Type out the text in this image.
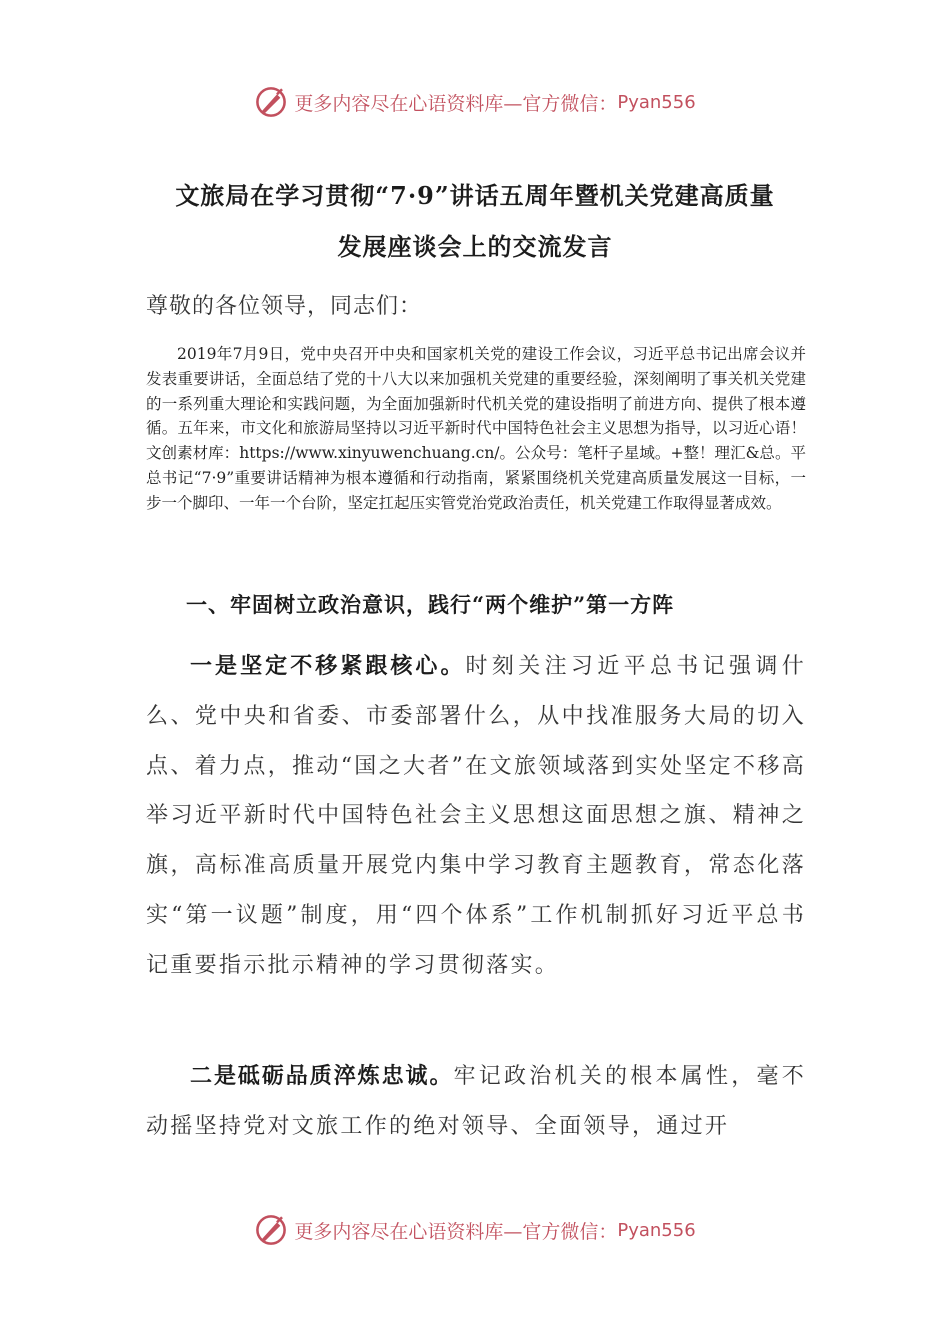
更多内容尽在心语资料库 —官方微信： Pyan556
文旅局在学习贯彻“7·9”讲话五周年暨机关党建高质量
发展座谈会上的交流发言
尊敬的各位领导，同志们：
2019年7月9日，党中央召开中央和国家机关党的建设工作会议，习近平总书记出席会议并发表重要讲话，全面总结了党的十八大以来加强机关党建的重要经验，深刻阐明了事关机关党建的一系列重大理论和实践问题，为全面加强新时代机关党的建设指明了前进方向、提供了根本遵循。五年来，市文化和旅游局坚持以习近平新时代中国特色社会主义思想为指导，以习近心语！文创素材库：https://www.xinyuwenchuang.cn/。公众号：笔杆子星域。+整！理汇&总。平总书记“7·9”重要讲话精神为根本遵循和行动指南，紧紧围绕机关党建高质量发展这一目标，一步一个脚印、一年一个台阶，坚定扛起压实管党治党政治责任，机关党建工作取得显著成效。
一、牢固树立政治意识，践行“两个维护”第一方阵
一是坚定不移紧跟核心。时刻关注习近平总书记强调什么、党中央和省委、市委部署什么，从中找准服务大局的切入点、着力点，推动“国之大者”在文旅领域落到实处坚定不移高举习近平新时代中国特色社会主义思想这面思想之旗、精神之旗，高标准高质量开展党内集中学习教育主题教育，常态化落实“第一议题”制度，用“四个体系”工作机制抓好习近平总书记重要指示批示精神的学习贯彻落实。
二是砥砺品质淬炼忠诚。牢记政治机关的根本属性，毫不动摇坚持党对文旅工作的绝对领导、全面领导，通过开
更多内容尽在心语资料库 —官方微信： Pyan556
